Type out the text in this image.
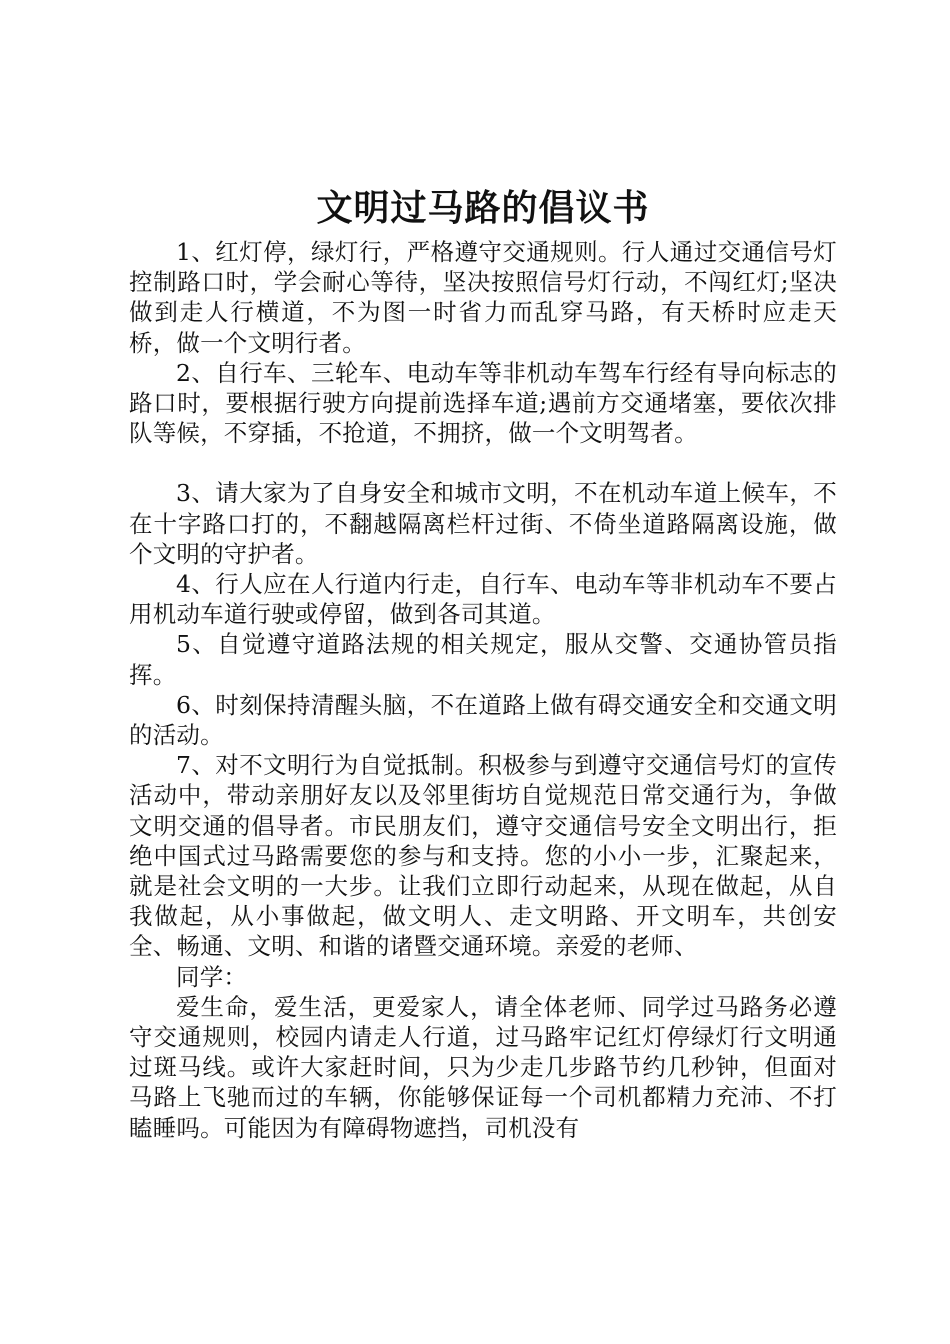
文明过马路的倡议书

1、红灯停，绿灯行，严格遵守交通规则。行人通过交通信号灯控制路口时，学会耐心等待，坚决按照信号灯行动，不闯红灯;坚决做到走人行横道，不为图一时省力而乱穿马路，有天桥时应走天桥，做一个文明行者。

2、自行车、三轮车、电动车等非机动车驾车行经有导向标志的路口时，要根据行驶方向提前选择车道;遇前方交通堵塞，要依次排队等候，不穿插，不抢道，不拥挤，做一个文明驾者。

3、请大家为了自身安全和城市文明，不在机动车道上候车，不在十字路口打的，不翻越隔离栏杆过街、不倚坐道路隔离设施，做个文明的守护者。

4、行人应在人行道内行走，自行车、电动车等非机动车不要占用机动车道行驶或停留，做到各司其道。

5、自觉遵守道路法规的相关规定，服从交警、交通协管员指挥。

6、时刻保持清醒头脑，不在道路上做有碍交通安全和交通文明的活动。

7、对不文明行为自觉抵制。积极参与到遵守交通信号灯的宣传活动中，带动亲朋好友以及邻里街坊自觉规范日常交通行为，争做文明交通的倡导者。市民朋友们，遵守交通信号安全文明出行，拒绝中国式过马路需要您的参与和支持。您的小小一步，汇聚起来，就是社会文明的一大步。让我们立即行动起来，从现在做起，从自我做起，从小事做起，做文明人、走文明路、开文明车，共创安全、畅通、文明、和谐的诸暨交通环境。亲爱的老师、

同学：

爱生命，爱生活，更爱家人，请全体老师、同学过马路务必遵守交通规则，校园内请走人行道，过马路牢记红灯停绿灯行文明通过斑马线。或许大家赶时间，只为少走几步路节约几秒钟，但面对马路上飞驰而过的车辆，你能够保证每一个司机都精力充沛、不打瞌睡吗。可能因为有障碍物遮挡，司机没有
